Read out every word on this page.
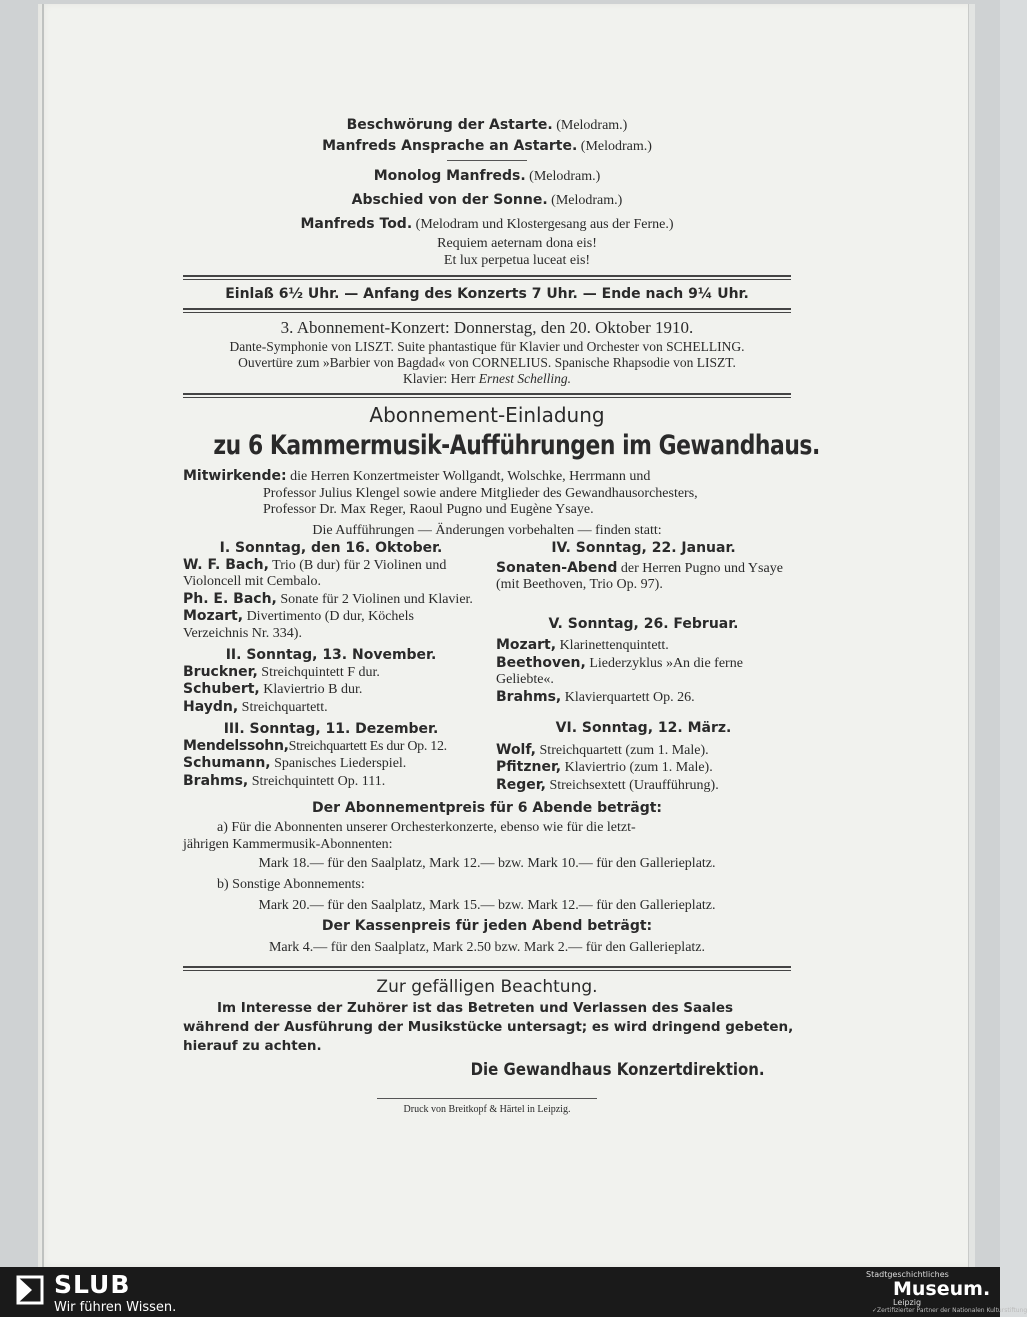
Beschwörung der Astarte. (Melodram.)
Manfreds Ansprache an Astarte. (Melodram.)
Monolog Manfreds. (Melodram.)
Abschied von der Sonne. (Melodram.)
Manfreds Tod. (Melodram und Klostergesang aus der Ferne.)
Requiem aeternam dona eis!
Et lux perpetua luceat eis!
Einlaß 6½ Uhr. — Anfang des Konzerts 7 Uhr. — Ende nach 9¼ Uhr.
3. Abonnement-Konzert: Donnerstag, den 20. Oktober 1910.
Dante-Symphonie von LISZT. Suite phantastique für Klavier und Orchester von SCHELLING.
Ouvertüre zum »Barbier von Bagdad« von CORNELIUS. Spanische Rhapsodie von LISZT.
Klavier: Herr Ernest Schelling.
Abonnement-Einladung
zu 6 Kammermusik-Aufführungen im Gewandhaus.
Mitwirkende: die Herren Konzertmeister Wollgandt, Wolschke, Herrmann und
Professor Julius Klengel sowie andere Mitglieder des Gewandhausorchesters,
Professor Dr. Max Reger, Raoul Pugno und Eugène Ysaye.
Die Aufführungen — Änderungen vorbehalten — finden statt:
I. Sonntag, den 16. Oktober.
W. F. Bach, Trio (B dur) für 2 Violinen und Violoncell mit Cembalo.
Ph. E. Bach, Sonate für 2 Violinen und Klavier.
Mozart, Divertimento (D dur, Köchels Verzeichnis Nr. 334).
II. Sonntag, 13. November.
Bruckner, Streichquintett F dur.
Schubert, Klaviertrio B dur.
Haydn, Streichquartett.
III. Sonntag, 11. Dezember.
Mendelssohn,Streichquartett Es dur Op. 12.
Schumann, Spanisches Liederspiel.
Brahms, Streichquintett Op. 111.
IV. Sonntag, 22. Januar.
Sonaten-Abend der Herren Pugno und Ysaye (mit Beethoven, Trio Op. 97).
V. Sonntag, 26. Februar.
Mozart, Klarinettenquintett.
Beethoven, Liederzyklus »An die ferne Geliebte«.
Brahms, Klavierquartett Op. 26.
VI. Sonntag, 12. März.
Wolf, Streichquartett (zum 1. Male).
Pfitzner, Klaviertrio (zum 1. Male).
Reger, Streichsextett (Uraufführung).
Der Abonnementpreis für 6 Abende beträgt:
a) Für die Abonnenten unserer Orchesterkonzerte, ebenso wie für die letzt-
jährigen Kammermusik-Abonnenten:
Mark 18.— für den Saalplatz, Mark 12.— bzw. Mark 10.— für den Gallerieplatz.
b) Sonstige Abonnements:
Mark 20.— für den Saalplatz, Mark 15.— bzw. Mark 12.— für den Gallerieplatz.
Der Kassenpreis für jeden Abend beträgt:
Mark 4.— für den Saalplatz, Mark 2.50 bzw. Mark 2.— für den Gallerieplatz.
Zur gefälligen Beachtung.
Im Interesse der Zuhörer ist das Betreten und Verlassen des Saales
während der Ausführung der Musikstücke untersagt; es wird dringend gebeten,
hierauf zu achten.
Die Gewandhaus Konzertdirektion.
Druck von Breitkopf & Härtel in Leipzig.
SLUB
Wir führen Wissen.
Stadtgeschichtliches
Museum.
Leipzig
✓Zertifizierter Partner der Nationalen Kulturstiftung
